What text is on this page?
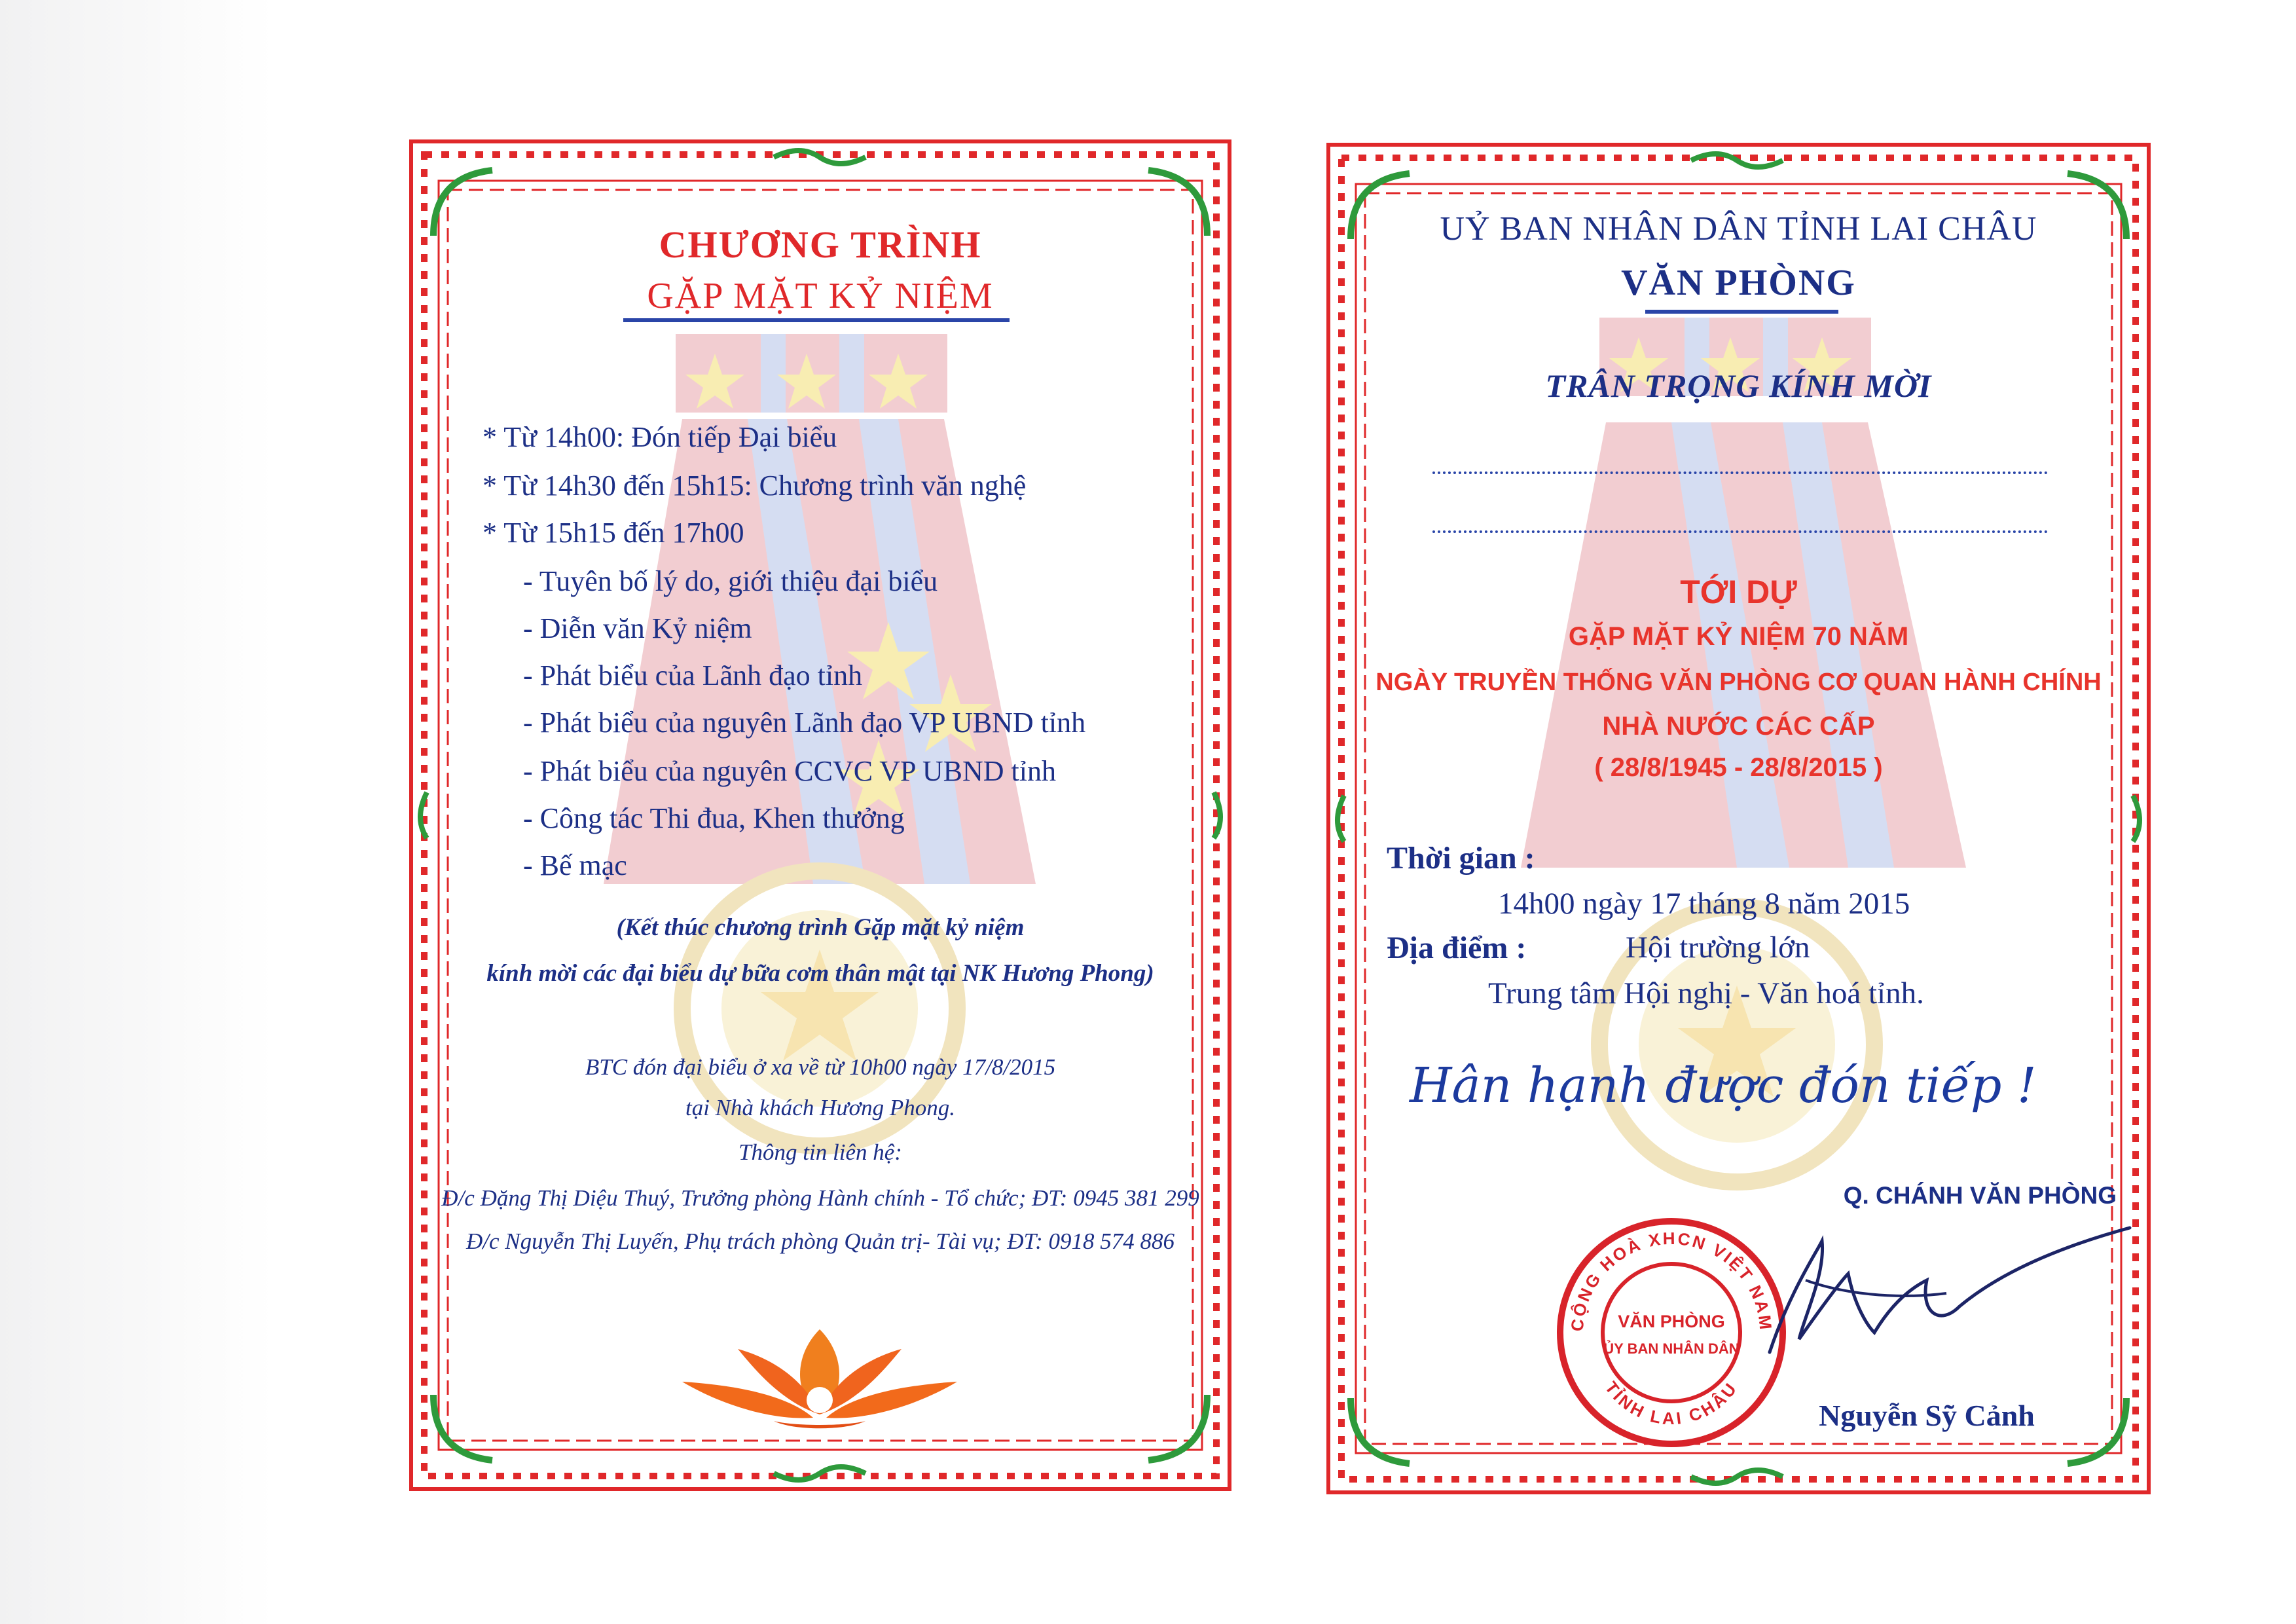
CHƯƠNG TRÌNH
GẶP MẶT KỶ NIỆM
* Từ 14h00: Đón tiếp Đại biểu
* Từ 14h30 đến 15h15: Chương trình văn nghệ
* Từ 15h15 đến 17h00
- Tuyên bố lý do, giới thiệu đại biểu
- Diễn văn Kỷ niệm
- Phát biểu của Lãnh đạo tỉnh
- Phát biểu của nguyên Lãnh đạo VP UBND tỉnh
- Phát biểu của nguyên CCVC VP UBND tỉnh
- Công tác Thi đua, Khen thưởng
- Bế mạc
(Kết thúc chương trình Gặp mặt kỷ niệm
kính mời các đại biểu dự bữa cơm thân mật tại NK Hương Phong)
BTC đón đại biểu ở xa về từ 10h00 ngày 17/8/2015
tại Nhà khách Hương Phong.
Thông tin liên hệ:
Đ/c Đặng Thị Diệu Thuý, Trưởng phòng Hành chính - Tổ chức; ĐT: 0945 381 299
Đ/c Nguyễn Thị Luyến, Phụ trách phòng Quản trị- Tài vụ; ĐT: 0918 574 886
UỶ BAN NHÂN DÂN TỈNH LAI CHÂU
VĂN PHÒNG
TRÂN TRỌNG KÍNH MỜI
TỚI DỰ
GẶP MẶT KỶ NIỆM 70 NĂM
NGÀY TRUYỀN THỐNG VĂN PHÒNG CƠ QUAN HÀNH CHÍNH
NHÀ NƯỚC CÁC CẤP
( 28/8/1945 - 28/8/2015 )
Thời gian :
14h00 ngày 17 tháng 8 năm 2015
Địa điểm :	Hội trường lớn
Trung tâm Hội nghị - Văn hoá tỉnh.
Hân hạnh được đón tiếp !
Q. CHÁNH VĂN PHÒNG
CỘNG HOÀ XHCN VIỆT NAM
TỈNH LAI CHÂU
VĂN PHÒNG
ỦY BAN NHÂN DÂN
Nguyễn Sỹ Cảnh
